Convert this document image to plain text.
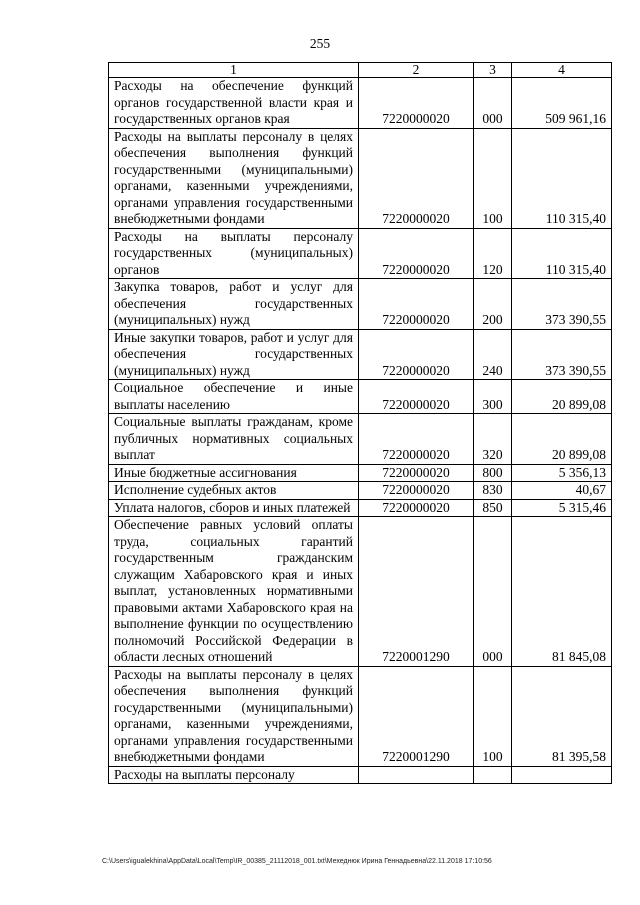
255
1	2	3	4
Расходы на обеспечение функций органов государственной власти края и государственных органов края	7220000020	000	509 961,16
Расходы на выплаты персоналу в целях обеспечения выполнения функций государственными (муниципальными) органами, казенными учреждениями, органами управления государственными внебюджетными фондами	7220000020	100	110 315,40
Расходы на выплаты персоналу государственных (муниципальных) органов	7220000020	120	110 315,40
Закупка товаров, работ и услуг для обеспечения государственных (муниципальных) нужд	7220000020	200	373 390,55
Иные закупки товаров, работ и услуг для обеспечения государственных (муниципальных) нужд	7220000020	240	373 390,55
Социальное обеспечение и иные выплаты населению	7220000020	300	20 899,08
Социальные выплаты гражданам, кроме публичных нормативных социальных выплат	7220000020	320	20 899,08
Иные бюджетные ассигнования	7220000020	800	5 356,13
Исполнение судебных актов	7220000020	830	40,67
Уплата налогов, сборов и иных платежей	7220000020	850	5 315,46
Обеспечение равных условий оплаты труда, социальных гарантий государственным гражданским служащим Хабаровского края и иных выплат, установленных нормативными правовыми актами Хабаровского края на выполнение функции по осуществлению полномочий Российской Федерации в области лесных отношений	7220001290	000	81 845,08
Расходы на выплаты персоналу в целях обеспечения выполнения функций государственными (муниципальными) органами, казенными учреждениями, органами управления государственными внебюджетными фондами	7220001290	100	81 395,58
Расходы на выплаты персоналу			
C:\Users\igualekhina\AppData\Local\Temp\IR_00385_21112018_001.txt\Мехеднюк Ирина Геннадьевна\22.11.2018 17:10:56
